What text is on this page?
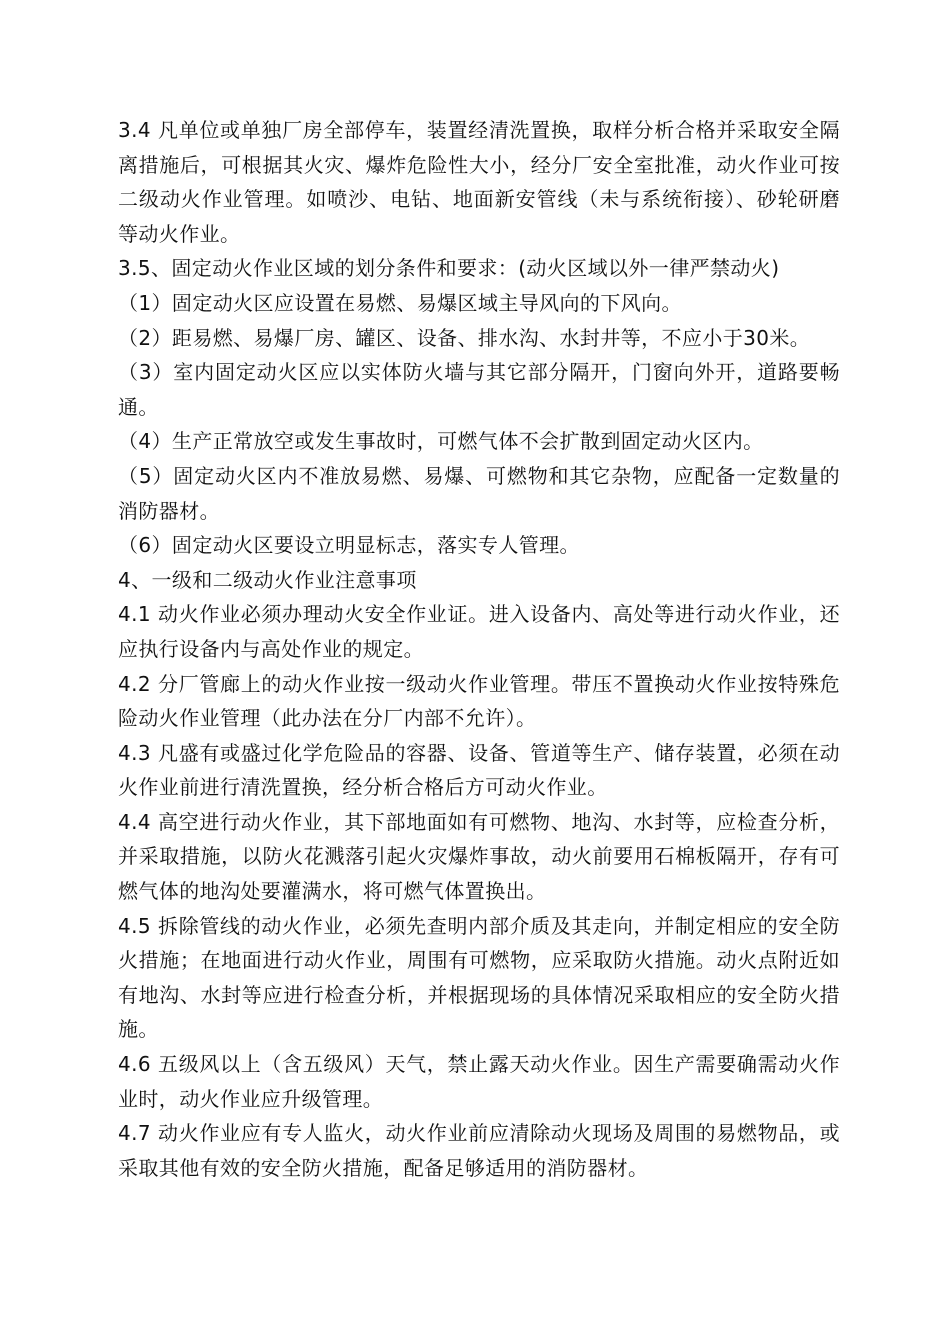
3.4 凡单位或单独厂房全部停车，装置经清洗置换，取样分析合格并采取安全隔离措施后，可根据其火灾、爆炸危险性大小，经分厂安全室批准，动火作业可按二级动火作业管理。如喷沙、电钻、地面新安管线（未与系统衔接）、砂轮研磨等动火作业。

3.5、固定动火作业区域的划分条件和要求：(动火区域以外一律严禁动火)

（1）固定动火区应设置在易燃、易爆区域主导风向的下风向。

（2）距易燃、易爆厂房、罐区、设备、排水沟、水封井等，不应小于30米。

（3）室内固定动火区应以实体防火墙与其它部分隔开，门窗向外开，道路要畅通。

（4）生产正常放空或发生事故时，可燃气体不会扩散到固定动火区内。

（5）固定动火区内不准放易燃、易爆、可燃物和其它杂物，应配备一定数量的消防器材。

（6）固定动火区要设立明显标志，落实专人管理。

4、一级和二级动火作业注意事项

4.1 动火作业必须办理动火安全作业证。进入设备内、高处等进行动火作业，还应执行设备内与高处作业的规定。

4.2 分厂管廊上的动火作业按一级动火作业管理。带压不置换动火作业按特殊危险动火作业管理（此办法在分厂内部不允许）。

4.3 凡盛有或盛过化学危险品的容器、设备、管道等生产、储存装置，必须在动火作业前进行清洗置换，经分析合格后方可动火作业。

4.4 高空进行动火作业，其下部地面如有可燃物、地沟、水封等，应检查分析，并采取措施，以防火花溅落引起火灾爆炸事故，动火前要用石棉板隔开，存有可燃气体的地沟处要灌满水，将可燃气体置换出。

4.5 拆除管线的动火作业，必须先查明内部介质及其走向，并制定相应的安全防火措施；在地面进行动火作业，周围有可燃物，应采取防火措施。动火点附近如有地沟、水封等应进行检查分析，并根据现场的具体情况采取相应的安全防火措施。

4.6 五级风以上（含五级风）天气，禁止露天动火作业。因生产需要确需动火作业时，动火作业应升级管理。

4.7 动火作业应有专人监火，动火作业前应清除动火现场及周围的易燃物品，或采取其他有效的安全防火措施，配备足够适用的消防器材。
